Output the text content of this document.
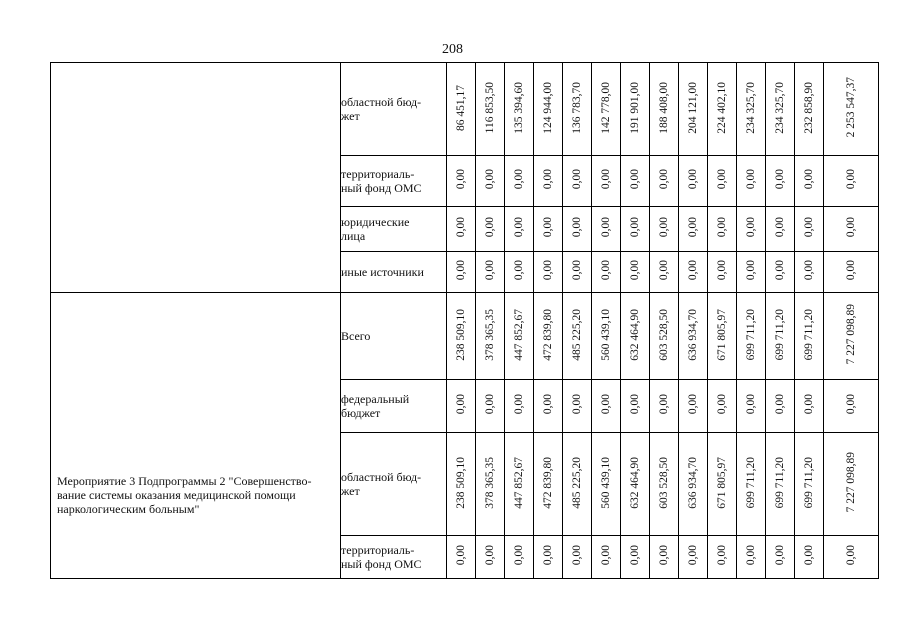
208

	областной бюд-
жет	86 451,17	116 853,50	135 394,60	124 944,00	136 783,70	142 778,00	191 901,00	188 408,00	204 121,00	224 402,10	234 325,70	234 325,70	232 858,90	2 253 547,37

	территориаль-
ный фонд ОМС	0,00	0,00	0,00	0,00	0,00	0,00	0,00	0,00	0,00	0,00	0,00	0,00	0,00	0,00

	юридические
лица	0,00	0,00	0,00	0,00	0,00	0,00	0,00	0,00	0,00	0,00	0,00	0,00	0,00	0,00

	иные источники	0,00	0,00	0,00	0,00	0,00	0,00	0,00	0,00	0,00	0,00	0,00	0,00	0,00	0,00

Мероприятие 3 Подпрограммы 2 "Совершенство-
вание системы оказания медицинской помощи
наркологическим больным"	Всего	238 509,10	378 365,35	447 852,67	472 839,80	485 225,20	560 439,10	632 464,90	603 528,50	636 934,70	671 805,97	699 711,20	699 711,20	699 711,20	7 227 098,89

	федеральный
бюджет	0,00	0,00	0,00	0,00	0,00	0,00	0,00	0,00	0,00	0,00	0,00	0,00	0,00	0,00

	областной бюд-
жет	238 509,10	378 365,35	447 852,67	472 839,80	485 225,20	560 439,10	632 464,90	603 528,50	636 934,70	671 805,97	699 711,20	699 711,20	699 711,20	7 227 098,89

	территориаль-
ный фонд ОМС	0,00	0,00	0,00	0,00	0,00	0,00	0,00	0,00	0,00	0,00	0,00	0,00	0,00	0,00
